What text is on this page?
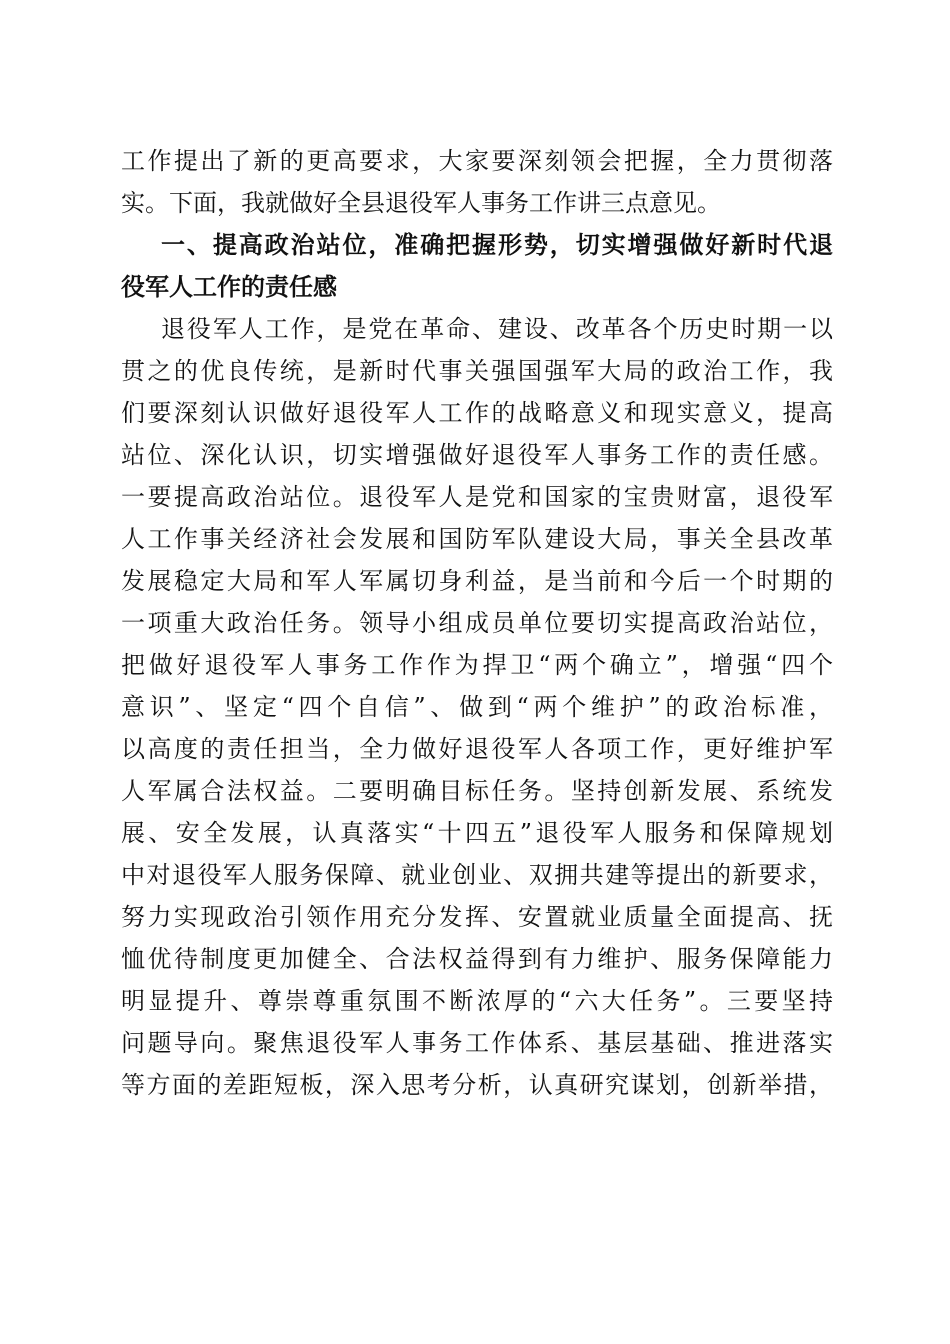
工作提出了新的更高要求，大家要深刻领会把握，全力贯彻落
实。下面，我就做好全县退役军人事务工作讲三点意见。
一、提高政治站位，准确把握形势，切实增强做好新时代退
役军人工作的责任感
退役军人工作，是党在革命、建设、改革各个历史时期一以
贯之的优良传统，是新时代事关强国强军大局的政治工作，我
们要深刻认识做好退役军人工作的战略意义和现实意义，提高
站位、深化认识，切实增强做好退役军人事务工作的责任感。
一要提高政治站位。退役军人是党和国家的宝贵财富，退役军
人工作事关经济社会发展和国防军队建设大局，事关全县改革
发展稳定大局和军人军属切身利益，是当前和今后一个时期的
一项重大政治任务。领导小组成员单位要切实提高政治站位，
把做好退役军人事务工作作为捍卫“两个确立”，增强“四个
意识”、坚定“四个自信”、做到“两个维护”的政治标准，
以高度的责任担当，全力做好退役军人各项工作，更好维护军
人军属合法权益。二要明确目标任务。坚持创新发展、系统发
展、安全发展，认真落实“十四五”退役军人服务和保障规划
中对退役军人服务保障、就业创业、双拥共建等提出的新要求，
努力实现政治引领作用充分发挥、安置就业质量全面提高、抚
恤优待制度更加健全、合法权益得到有力维护、服务保障能力
明显提升、尊崇尊重氛围不断浓厚的“六大任务”。三要坚持
问题导向。聚焦退役军人事务工作体系、基层基础、推进落实
等方面的差距短板，深入思考分析，认真研究谋划，创新举措，
